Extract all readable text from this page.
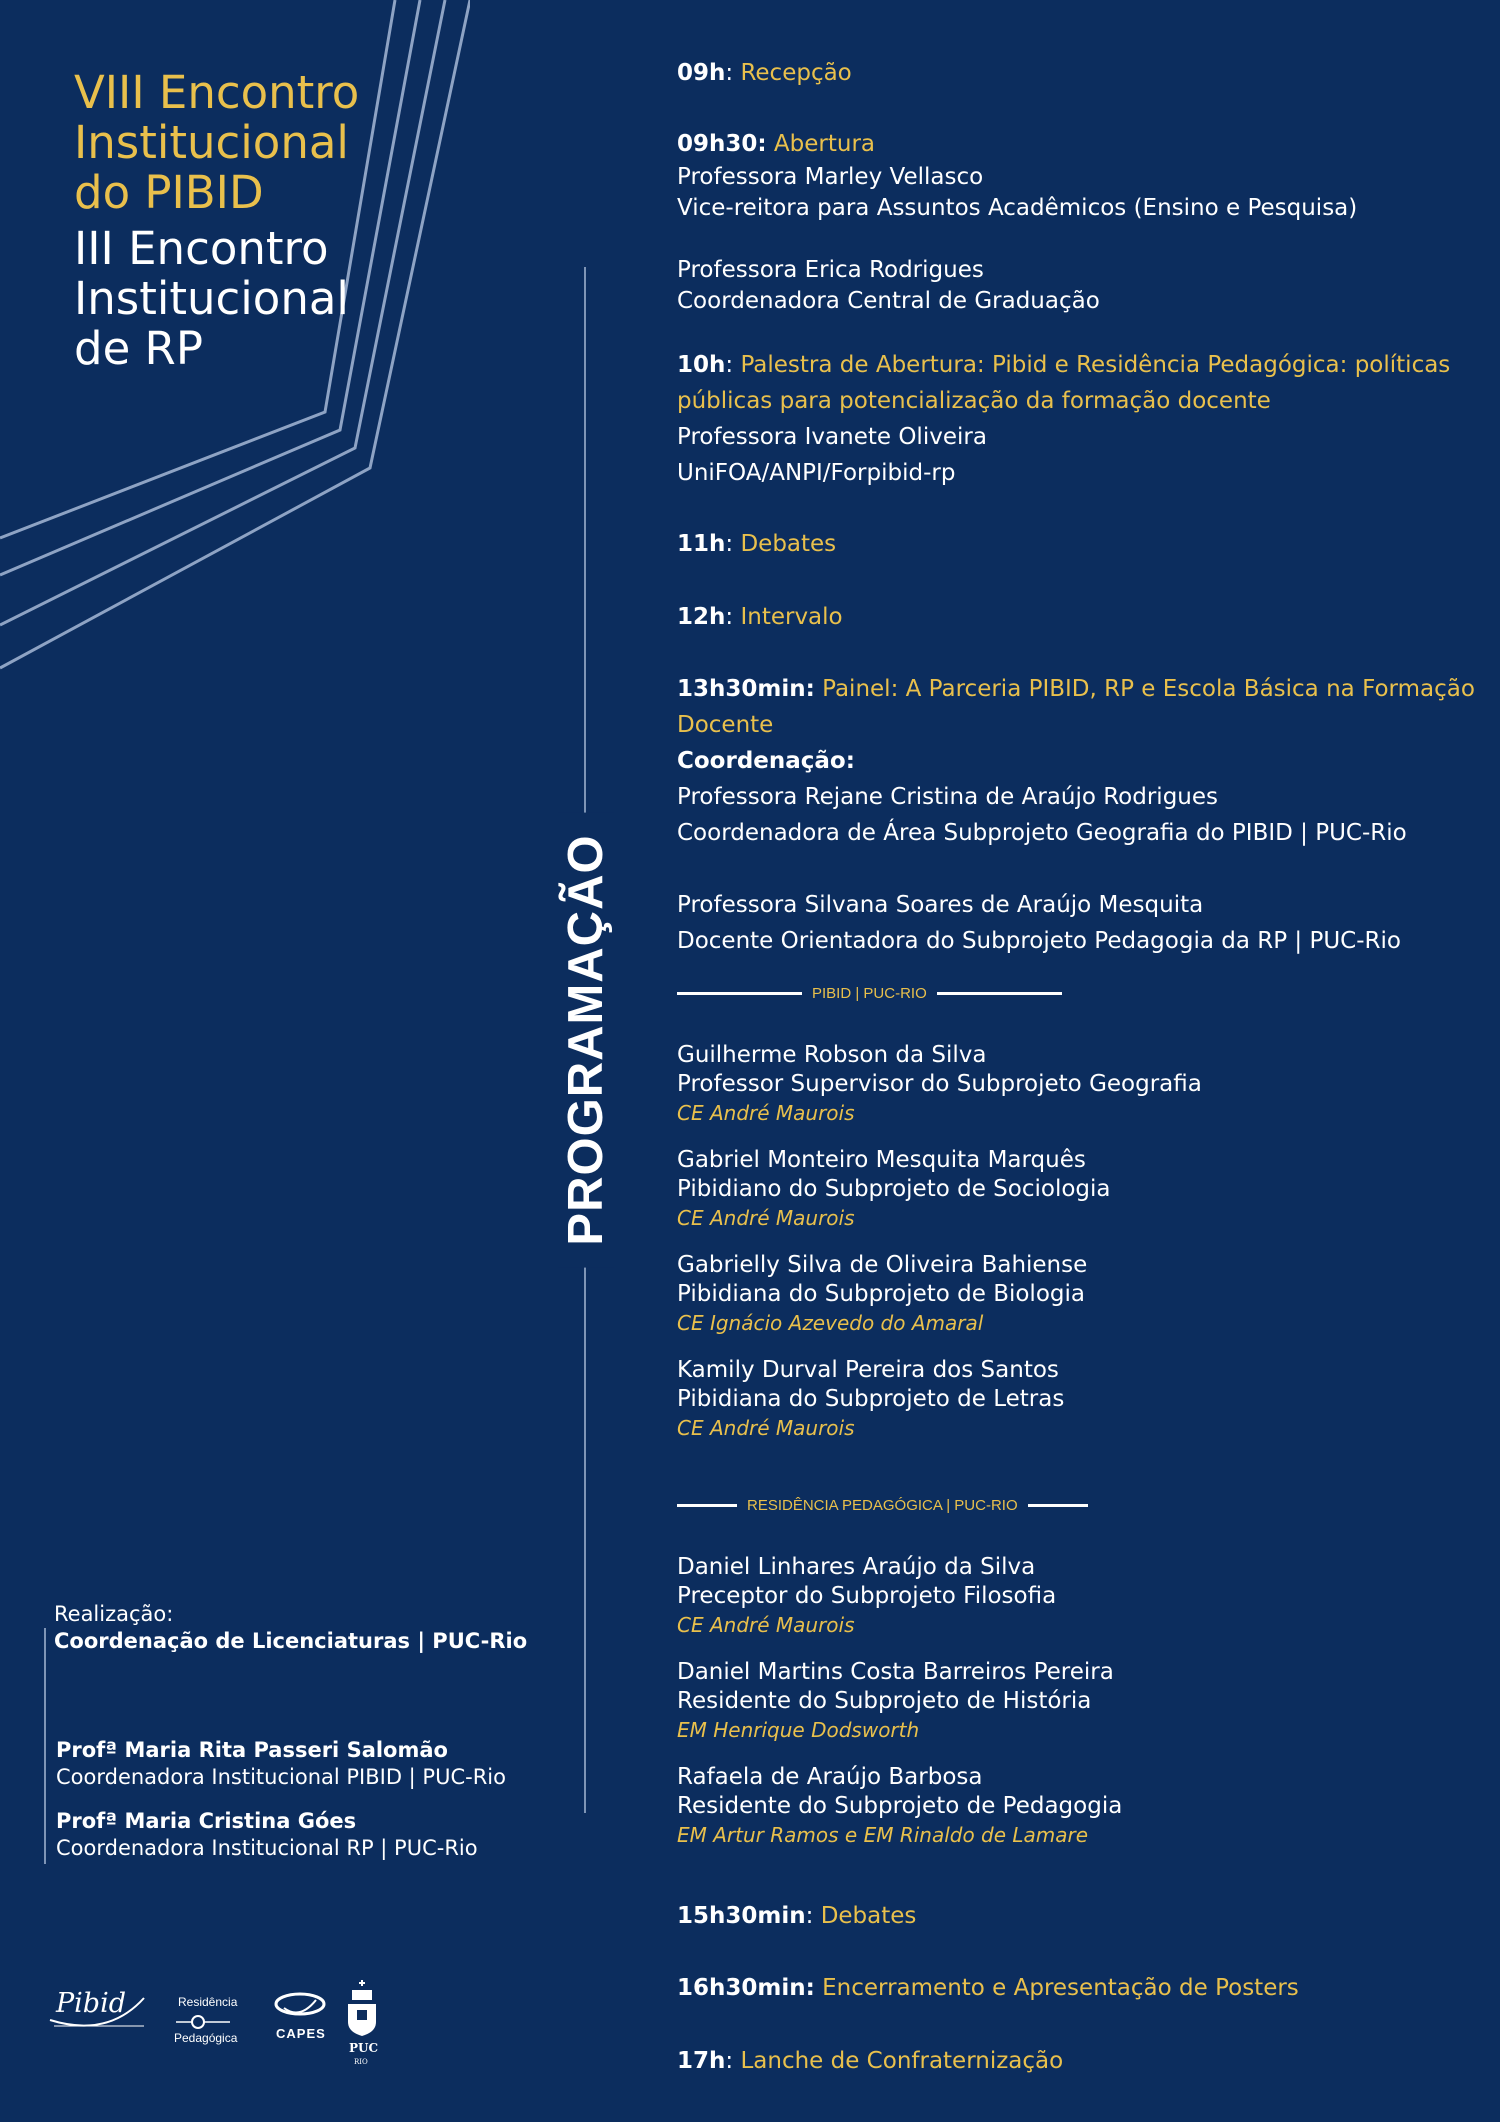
VIII Encontro
Institucional
do PIBID
III Encontro
Institucional
de RP
PROGRAMAÇÃO
09h: Recepção
09h30: Abertura
Professora Marley Vellasco
Vice-reitora para Assuntos Acadêmicos (Ensino e Pesquisa)
Professora Erica Rodrigues
Coordenadora Central de Graduação
10h: Palestra de Abertura: Pibid e Residência Pedagógica: políticas
públicas para potencialização da formação docente
Professora Ivanete Oliveira
UniFOA/ANPI/Forpibid-rp
11h: Debates
12h: Intervalo
13h30min: Painel: A Parceria PIBID, RP e Escola Básica na Formação
Docente
Coordenação:
Professora Rejane Cristina de Araújo Rodrigues
Coordenadora de Área Subprojeto Geografia do PIBID | PUC-Rio
Professora Silvana Soares de Araújo Mesquita
Docente Orientadora do Subprojeto Pedagogia da RP | PUC-Rio
PIBID | PUC-RIO
Guilherme Robson da Silva
Professor Supervisor do Subprojeto Geografia
CE André Maurois
Gabriel Monteiro Mesquita Marquês
Pibidiano do Subprojeto de Sociologia
CE André Maurois
Gabrielly Silva de Oliveira Bahiense
Pibidiana do Subprojeto de Biologia
CE Ignácio Azevedo do Amaral
Kamily Durval Pereira dos Santos
Pibidiana do Subprojeto de Letras
CE André Maurois
RESIDÊNCIA PEDAGÓGICA | PUC-RIO
Daniel Linhares Araújo da Silva
Preceptor do Subprojeto Filosofia
CE André Maurois
Daniel Martins Costa Barreiros Pereira
Residente do Subprojeto de História
EM Henrique Dodsworth
Rafaela de Araújo Barbosa
Residente do Subprojeto de Pedagogia
EM Artur Ramos e EM Rinaldo de Lamare
15h30min: Debates
16h30min: Encerramento e Apresentação de Posters
17h: Lanche de Confraternização
Realização:
Coordenação de Licenciaturas | PUC-Rio
Profª Maria Rita Passeri Salomão
Coordenadora Institucional PIBID | PUC-Rio
Profª Maria Cristina Góes
Coordenadora Institucional RP | PUC-Rio
Pibid	Residência
Pedagógica	CAPES
PUC
RIO
